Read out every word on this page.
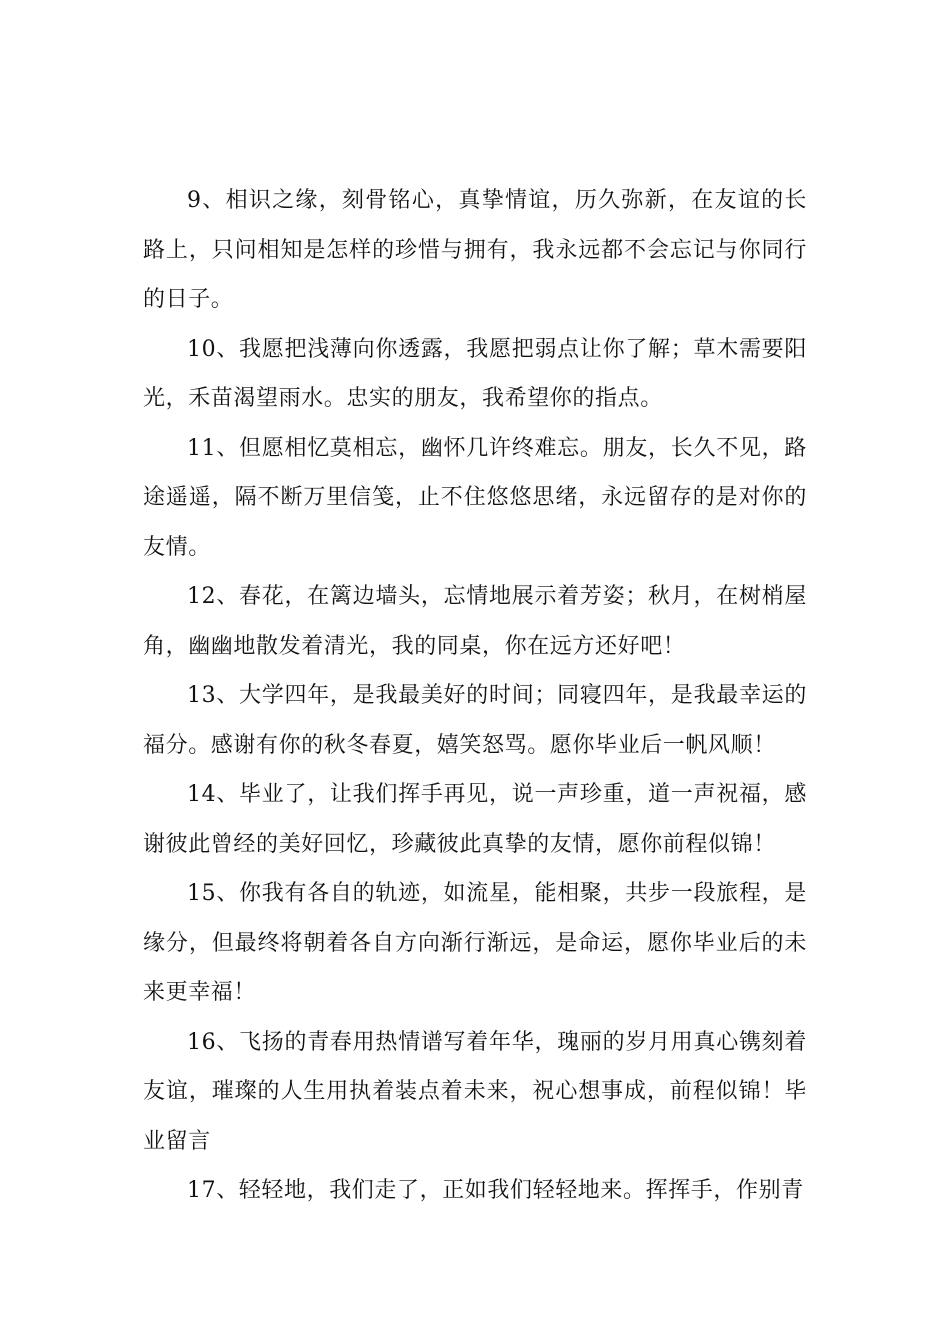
9、相识之缘，刻骨铭心，真挚情谊，历久弥新，在友谊的长路上，只问相知是怎样的珍惜与拥有，我永远都不会忘记与你同行的日子。

10、我愿把浅薄向你透露，我愿把弱点让你了解；草木需要阳光，禾苗渴望雨水。忠实的朋友，我希望你的指点。

11、但愿相忆莫相忘，幽怀几许终难忘。朋友，长久不见，路途遥遥，隔不断万里信笺，止不住悠悠思绪，永远留存的是对你的友情。

12、春花，在篱边墙头，忘情地展示着芳姿；秋月，在树梢屋角，幽幽地散发着清光，我的同桌，你在远方还好吧！

13、大学四年，是我最美好的时间；同寝四年，是我最幸运的福分。感谢有你的秋冬春夏，嬉笑怒骂。愿你毕业后一帆风顺！

14、毕业了，让我们挥手再见，说一声珍重，道一声祝福，感谢彼此曾经的美好回忆，珍藏彼此真挚的友情，愿你前程似锦！

15、你我有各自的轨迹，如流星，能相聚，共步一段旅程，是缘分，但最终将朝着各自方向渐行渐远，是命运，愿你毕业后的未来更幸福！

16、飞扬的青春用热情谱写着年华，瑰丽的岁月用真心镌刻着友谊，璀璨的人生用执着装点着未来，祝心想事成，前程似锦！毕业留言

17、轻轻地，我们走了，正如我们轻轻地来。挥挥手，作别青
